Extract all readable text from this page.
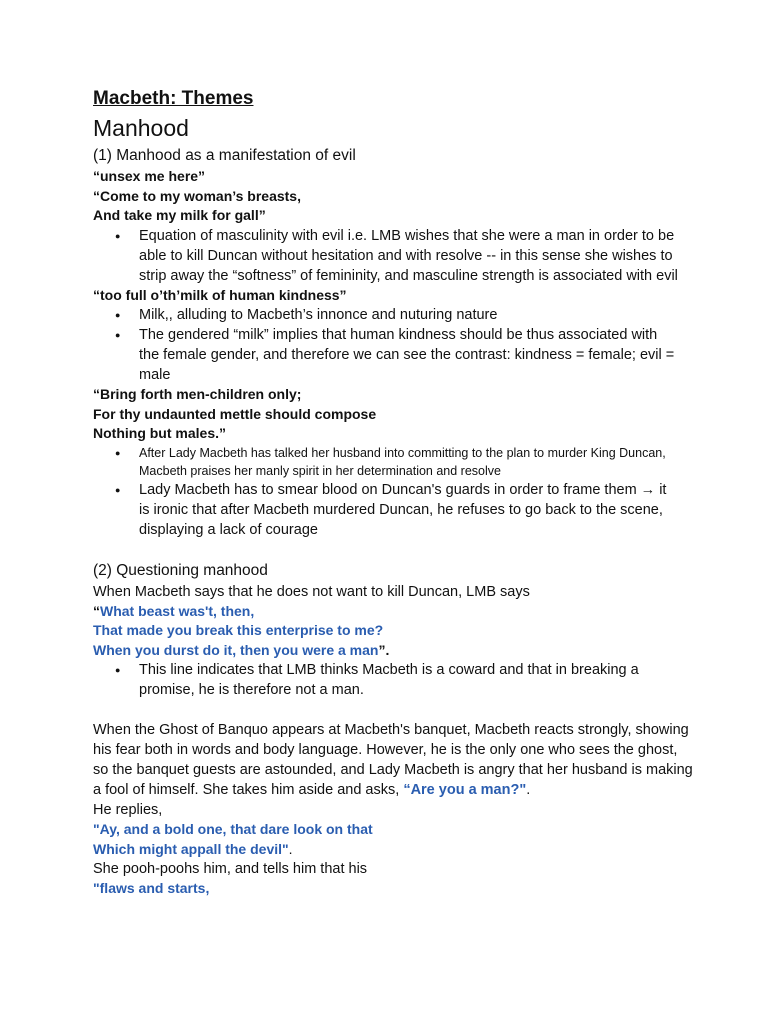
Macbeth: Themes
Manhood
(1) Manhood as a manifestation of evil

“unsex me here”

“Come to my woman’s breasts,

And take my milk for gall”

● Equation of masculinity with evil i.e. LMB wishes that she were a man in order to be able to kill Duncan without hesitation and with resolve -- in this sense she wishes to strip away the “softness” of femininity, and masculine strength is associated with evil

“too full o’th’milk of human kindness”

● Milk,, alluding to Macbeth’s innonce and nuturing nature
● The gendered “milk” implies that human kindness should be thus associated with the female gender, and therefore we can see the contrast: kindness = female; evil = male

“Bring forth men-children only;

For thy undaunted mettle should compose

Nothing but males.”

● After Lady Macbeth has talked her husband into committing to the plan to murder King Duncan, Macbeth praises her manly spirit in her determination and resolve
● Lady Macbeth has to smear blood on Duncan's guards in order to frame them → it is ironic that after Macbeth murdered Duncan, he refuses to go back to the scene, displaying a lack of courage
(2) Questioning manhood

When Macbeth says that he does not want to kill Duncan, LMB says

“What beast was't, then,

That made you break this enterprise to me?

When you durst do it, then you were a man”.

● This line indicates that LMB thinks Macbeth is a coward and that in breaking a promise, he is therefore not a man.

When the Ghost of Banquo appears at Macbeth's banquet, Macbeth reacts strongly, showing his fear both in words and body language. However, he is the only one who sees the ghost, so the banquet guests are astounded, and Lady Macbeth is angry that her husband is making a fool of himself. She takes him aside and asks, “Are you a man?".

He replies,

"Ay, and a bold one, that dare look on that

Which might appall the devil".

She pooh-poohs him, and tells him that his

"flaws and starts,
